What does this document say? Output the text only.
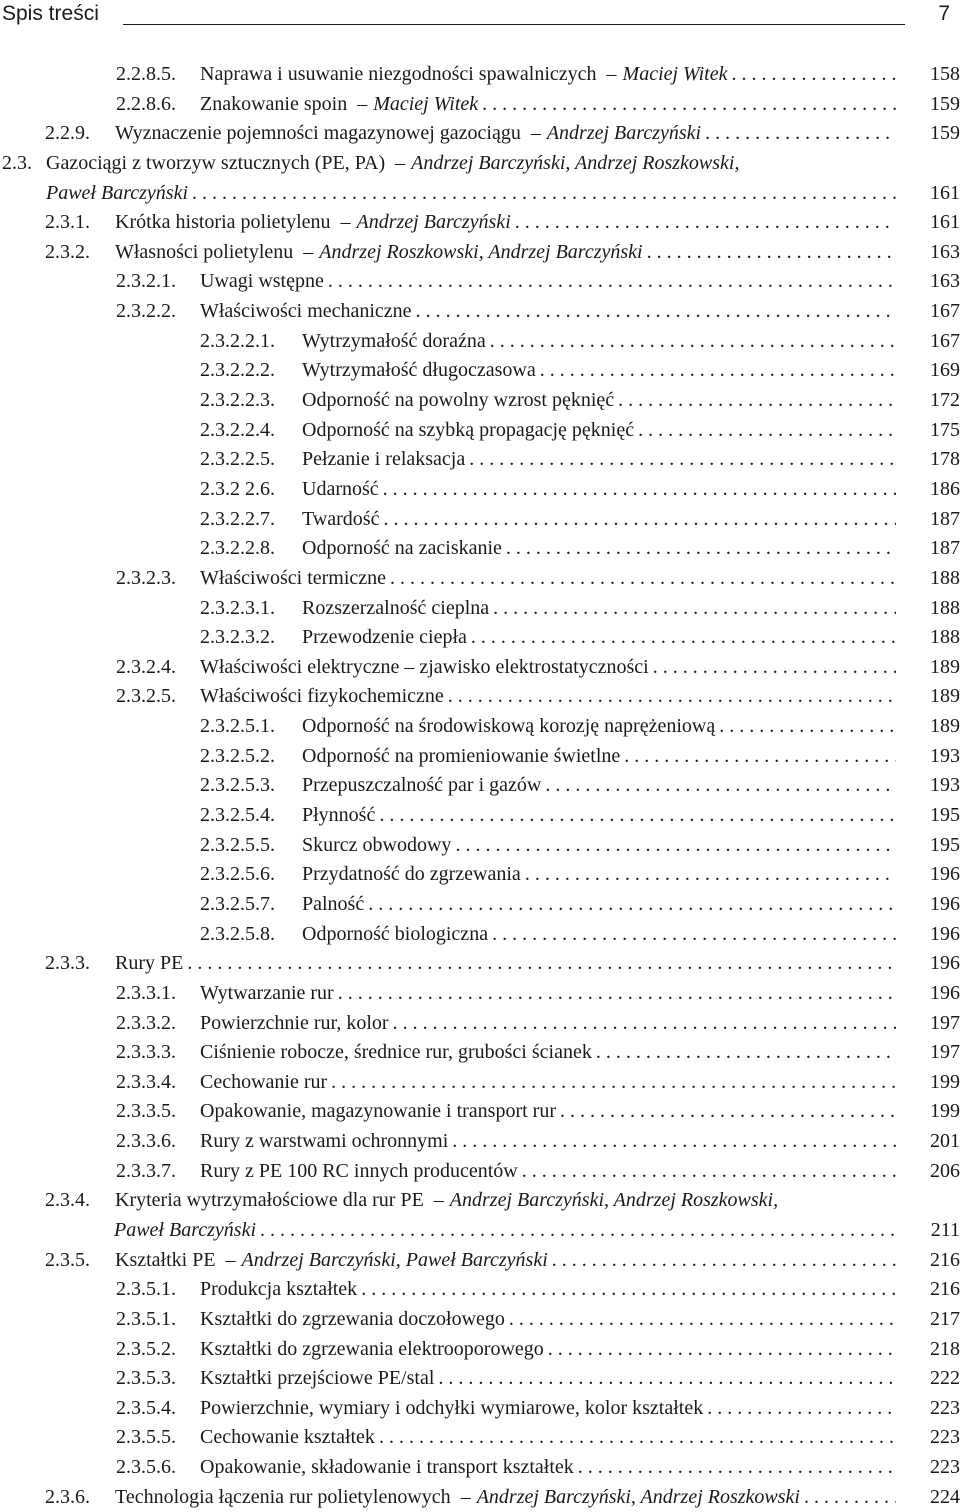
Spis treści	7
2.2.8.5.	Naprawa i usuwanie niezgodności spawalniczych – Maciej Witek . . .	158
2.2.8.6.	Znakowanie spoin – Maciej Witek . . .	159
2.2.9.	Wyznaczenie pojemności magazynowej gazociągu – Andrzej Barczyński . . .	159
2.3. Gazociągi z tworzyw sztucznych (PE, PA) – Andrzej Barczyński, Andrzej Roszkowski,
Paweł Barczyński . . .	161
2.3.1.	Krótka historia polietylenu – Andrzej Barczyński . . .	161
2.3.2.	Własności polietylenu – Andrzej Roszkowski, Andrzej Barczyński . . .	163
2.3.2.1.	Uwagi wstępne . . .	163
2.3.2.2.	Właściwości mechaniczne . . .	167
2.3.2.2.1.	Wytrzymałość doraźna . . .	167
2.3.2.2.2.	Wytrzymałość długoczasowa . . .	169
2.3.2.2.3.	Odporność na powolny wzrost pęknięć . . .	172
2.3.2.2.4.	Odporność na szybką propagację pęknięć . . .	175
2.3.2.2.5.	Pełzanie i relaksacja . . .	178
2.3.2 2.6.	Udarność . . .	186
2.3.2.2.7.	Twardość . . .	187
2.3.2.2.8.	Odporność na zaciskanie . . .	187
2.3.2.3.	Właściwości termiczne . . .	188
2.3.2.3.1.	Rozszerzalność cieplna . . .	188
2.3.2.3.2.	Przewodzenie ciepła . . .	188
2.3.2.4.	Właściwości elektryczne – zjawisko elektrostatyczności . . .	189
2.3.2.5.	Właściwości fizykochemiczne . . .	189
2.3.2.5.1.	Odporność na środowiskową korozję naprężeniową . . .	189
2.3.2.5.2.	Odporność na promieniowanie świetlne . . .	193
2.3.2.5.3.	Przepuszczalność par i gazów . . .	193
2.3.2.5.4.	Płynność . . .	195
2.3.2.5.5.	Skurcz obwodowy . . .	195
2.3.2.5.6.	Przydatność do zgrzewania . . .	196
2.3.2.5.7.	Palność . . .	196
2.3.2.5.8.	Odporność biologiczna . . .	196
2.3.3.	Rury PE . . .	196
2.3.3.1.	Wytwarzanie rur . . .	196
2.3.3.2.	Powierzchnie rur, kolor . . .	197
2.3.3.3.	Ciśnienie robocze, średnice rur, grubości ścianek . . .	197
2.3.3.4.	Cechowanie rur . . .	199
2.3.3.5.	Opakowanie, magazynowanie i transport rur . . .	199
2.3.3.6.	Rury z warstwami ochronnymi . . .	201
2.3.3.7.	Rury z PE 100 RC innych producentów . . .	206
2.3.4.	Kryteria wytrzymałościowe dla rur PE – Andrzej Barczyński, Andrzej Roszkowski,
Paweł Barczyński . . .	211
2.3.5.	Kształtki PE – Andrzej Barczyński, Paweł Barczyński . . .	216
2.3.5.1.	Produkcja kształtek . . .	216
2.3.5.1.	Kształtki do zgrzewania doczołowego . . .	217
2.3.5.2.	Kształtki do zgrzewania elektrooporowego . . .	218
2.3.5.3.	Kształtki przejściowe PE/stal . . .	222
2.3.5.4.	Powierzchnie, wymiary i odchyłki wymiarowe, kolor kształtek . . .	223
2.3.5.5.	Cechowanie kształtek . . .	223
2.3.5.6.	Opakowanie, składowanie i transport kształtek . . .	223
2.3.6.	Technologia łączenia rur polietylenowych – Andrzej Barczyński, Andrzej Roszkowski . . .	224
